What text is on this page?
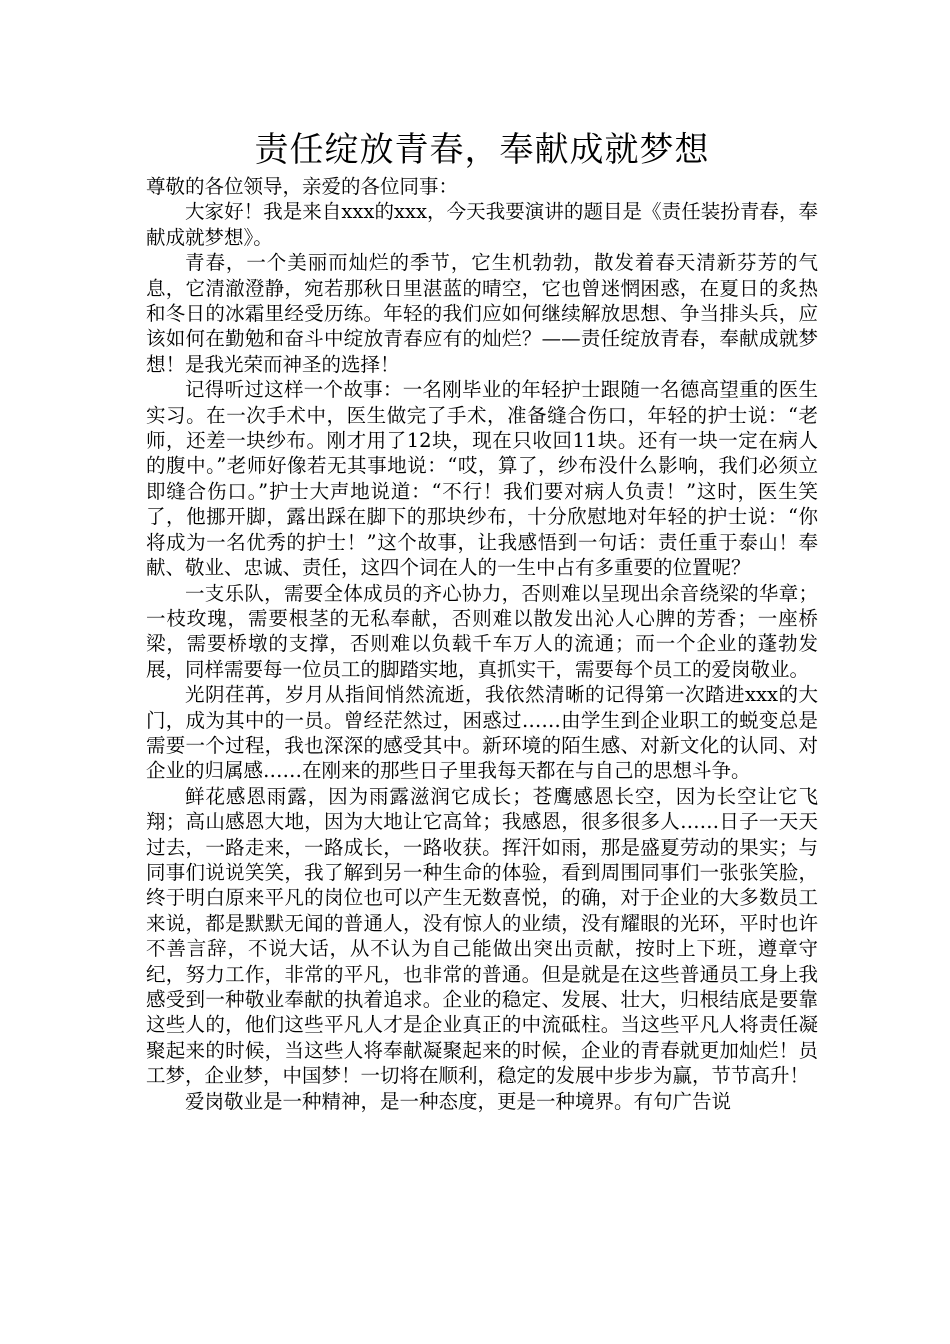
责任绽放青春，奉献成就梦想

尊敬的各位领导，亲爱的各位同事：

大家好！我是来自xxx的xxx，今天我要演讲的题目是《责任装扮青春，奉献成就梦想》。

青春，一个美丽而灿烂的季节，它生机勃勃，散发着春天清新芬芳的气息，它清澈澄静，宛若那秋日里湛蓝的晴空，它也曾迷惘困惑，在夏日的炙热和冬日的冰霜里经受历练。年轻的我们应如何继续解放思想、争当排头兵，应该如何在勤勉和奋斗中绽放青春应有的灿烂？——责任绽放青春，奉献成就梦想！是我光荣而神圣的选择！

记得听过这样一个故事：一名刚毕业的年轻护士跟随一名德高望重的医生实习。在一次手术中，医生做完了手术，准备缝合伤口，年轻的护士说：“老师，还差一块纱布。刚才用了12块，现在只收回11块。还有一块一定在病人的腹中。”老师好像若无其事地说：“哎，算了，纱布没什么影响，我们必须立即缝合伤口。”护士大声地说道：“不行！我们要对病人负责！”这时，医生笑了，他挪开脚，露出踩在脚下的那块纱布，十分欣慰地对年轻的护士说：“你将成为一名优秀的护士！”这个故事，让我感悟到一句话：责任重于泰山！奉献、敬业、忠诚、责任，这四个词在人的一生中占有多重要的位置呢？

一支乐队，需要全体成员的齐心协力，否则难以呈现出余音绕梁的华章；一枝玫瑰，需要根茎的无私奉献，否则难以散发出沁人心脾的芳香；一座桥梁，需要桥墩的支撑，否则难以负载千车万人的流通；而一个企业的蓬勃发展，同样需要每一位员工的脚踏实地，真抓实干，需要每个员工的爱岗敬业。

光阴荏苒，岁月从指间悄然流逝，我依然清晰的记得第一次踏进xxx的大门，成为其中的一员。曾经茫然过，困惑过……由学生到企业职工的蜕变总是需要一个过程，我也深深的感受其中。新环境的陌生感、对新文化的认同、对企业的归属感……在刚来的那些日子里我每天都在与自己的思想斗争。

鲜花感恩雨露，因为雨露滋润它成长；苍鹰感恩长空，因为长空让它飞翔；高山感恩大地，因为大地让它高耸；我感恩，很多很多人……日子一天天过去，一路走来，一路成长，一路收获。挥汗如雨，那是盛夏劳动的果实；与同事们说说笑笑，我了解到另一种生命的体验，看到周围同事们一张张笑脸，终于明白原来平凡的岗位也可以产生无数喜悦，的确，对于企业的大多数员工来说，都是默默无闻的普通人，没有惊人的业绩，没有耀眼的光环，平时也许不善言辞，不说大话，从不认为自己能做出突出贡献，按时上下班，遵章守纪，努力工作，非常的平凡，也非常的普通。但是就是在这些普通员工身上我感受到一种敬业奉献的执着追求。企业的稳定、发展、壮大，归根结底是要靠这些人的，他们这些平凡人才是企业真正的中流砥柱。当这些平凡人将责任凝聚起来的时候，当这些人将奉献凝聚起来的时候，企业的青春就更加灿烂！员工梦，企业梦，中国梦！一切将在顺利，稳定的发展中步步为赢，节节高升！

爱岗敬业是一种精神，是一种态度，更是一种境界。有句广告说
